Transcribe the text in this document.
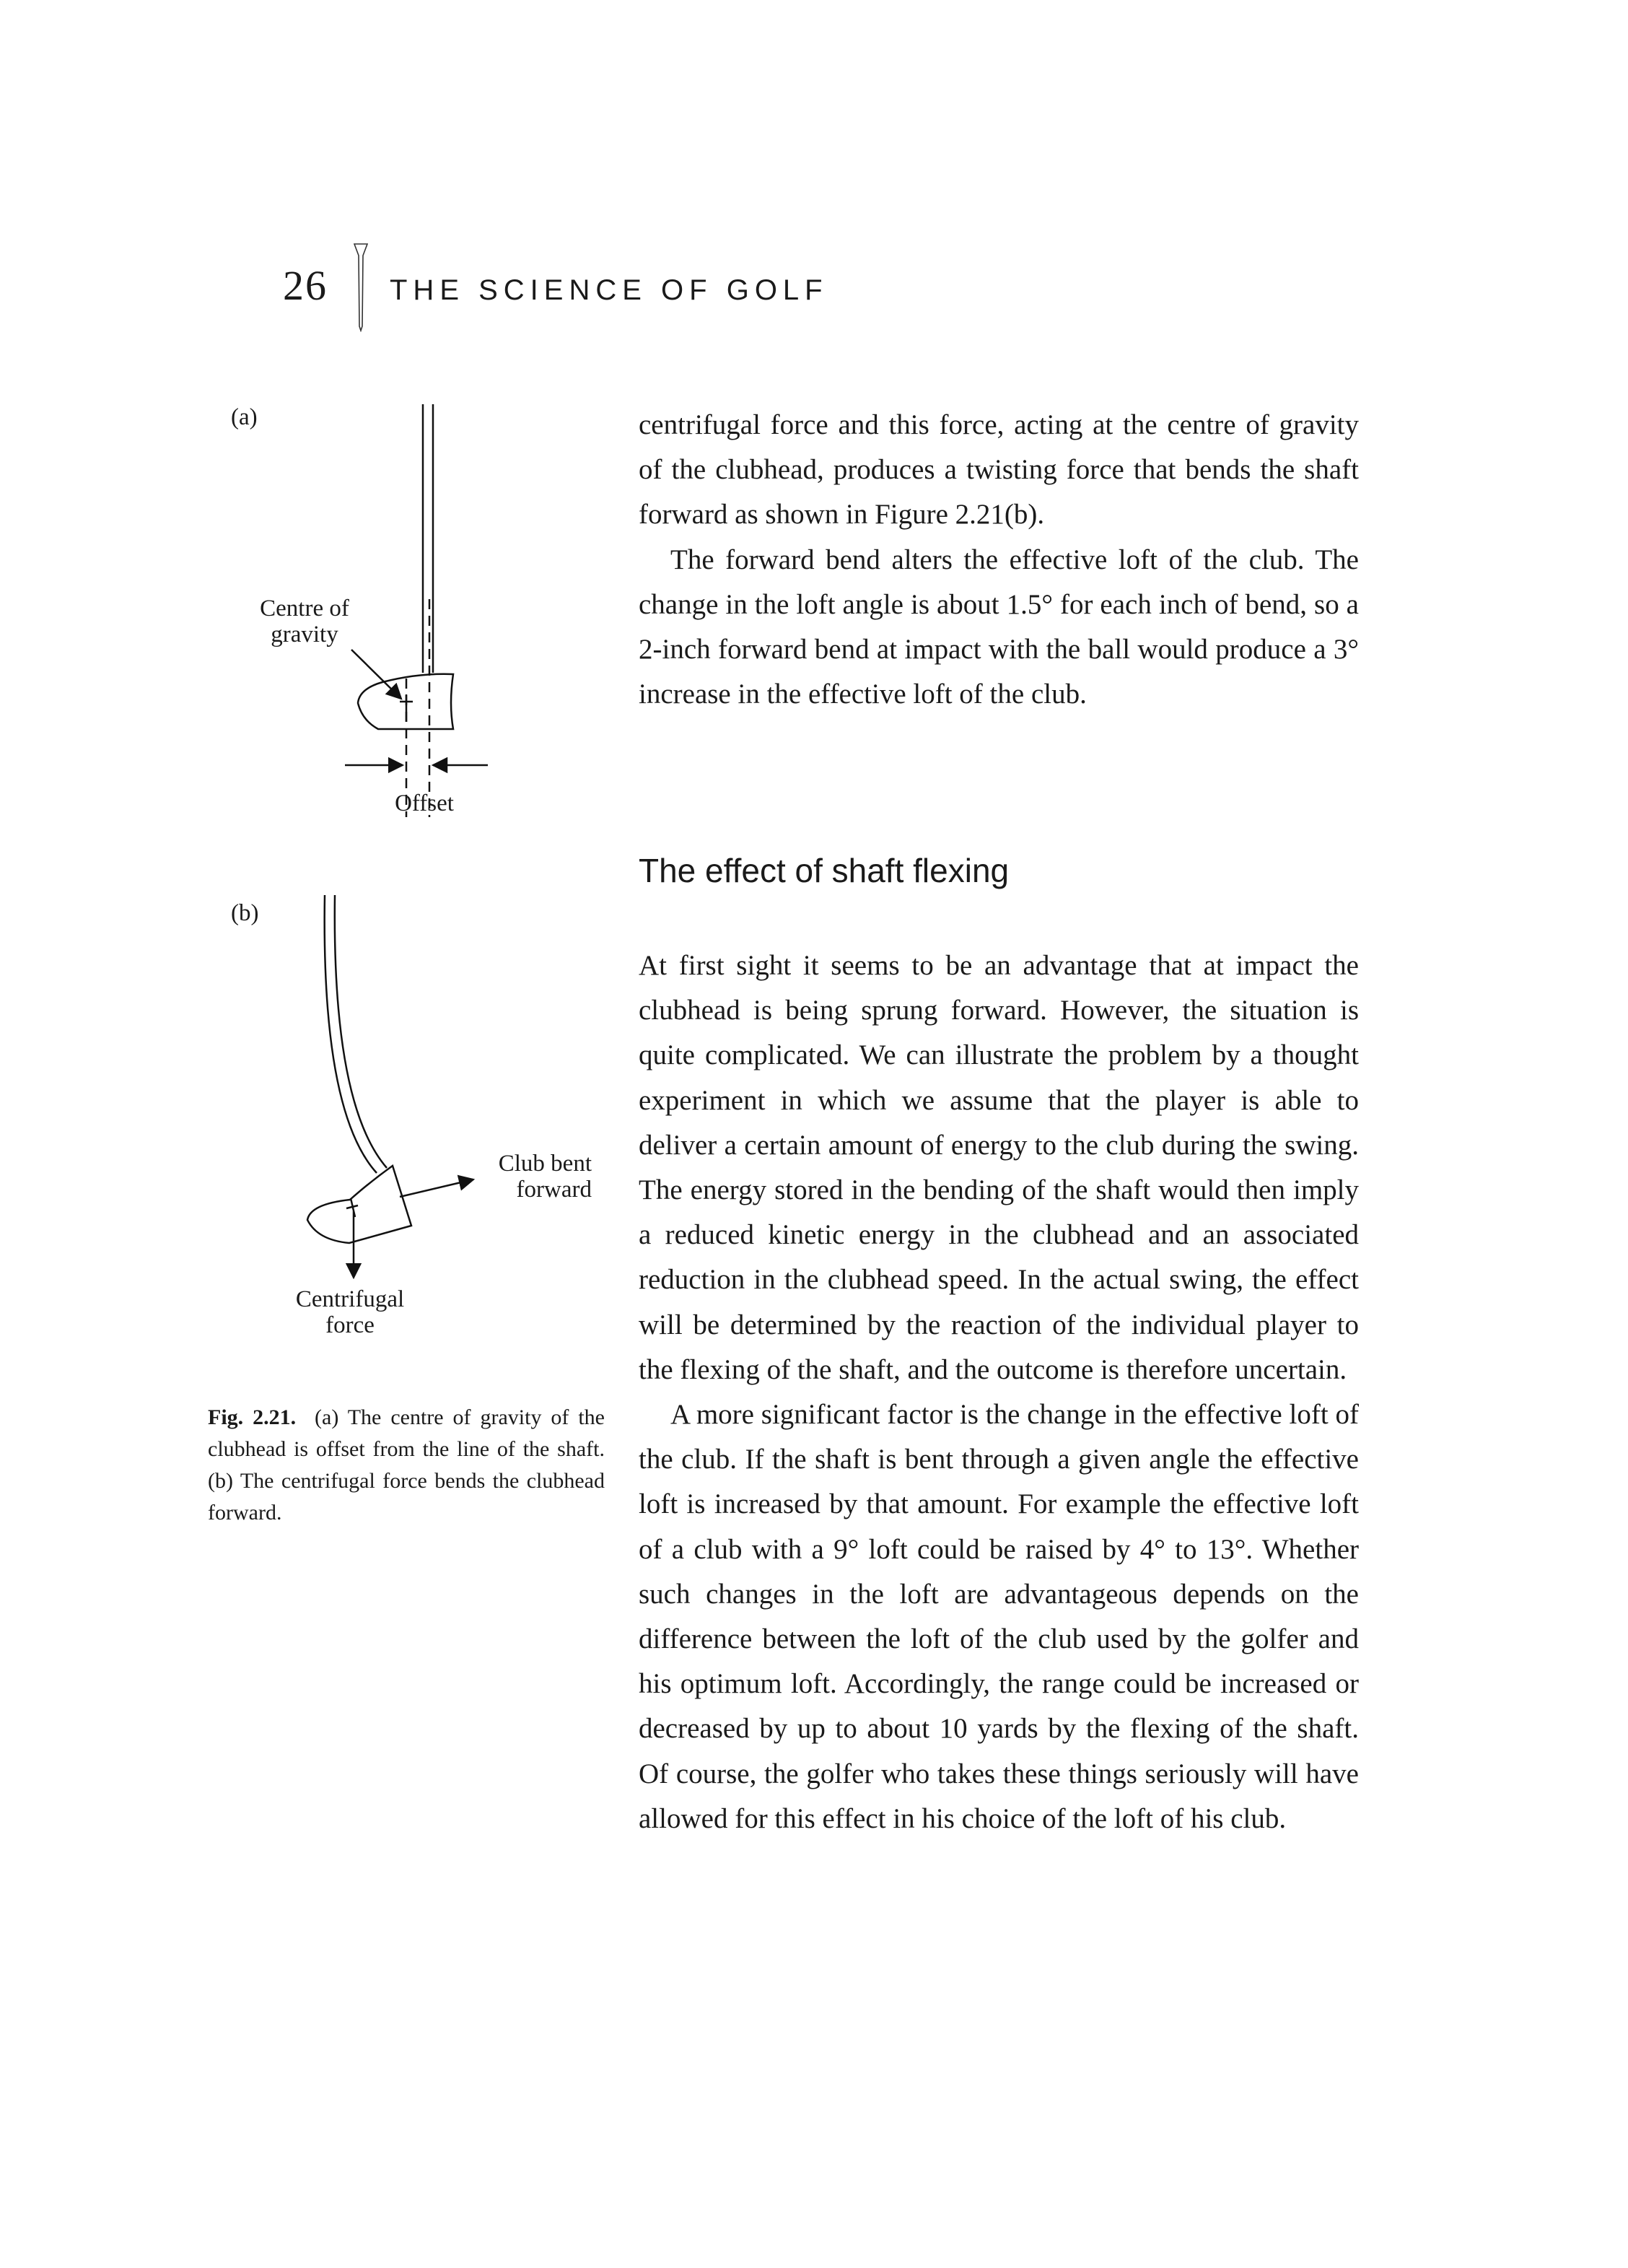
26 THE SCIENCE OF GOLF
(a)
Centre of
gravity
Offset
(b)
Club bent
forward
Centrifugal
force
Fig. 2.21. (a) The centre of gravity of the clubhead is offset from the line of the shaft. (b) The centrifugal force bends the clubhead forward.

centrifugal force and this force, acting at the centre of gravity of the clubhead, produces a twisting force that bends the shaft forward as shown in Figure 2.21(b).

The forward bend alters the effective loft of the club. The change in the loft angle is about 1.5° for each inch of bend, so a 2-inch forward bend at impact with the ball would produce a 3° increase in the effective loft of the club.

The effect of shaft flexing

At first sight it seems to be an advantage that at impact the clubhead is being sprung forward. However, the situation is quite complicated. We can illustrate the problem by a thought experiment in which we assume that the player is able to deliver a certain amount of energy to the club during the swing. The energy stored in the bending of the shaft would then imply a reduced kinetic energy in the clubhead and an associated reduction in the clubhead speed. In the actual swing, the effect will be determined by the reaction of the individual player to the flexing of the shaft, and the outcome is therefore uncertain.

A more significant factor is the change in the effective loft of the club. If the shaft is bent through a given angle the effective loft is increased by that amount. For example the effective loft of a club with a 9° loft could be raised by 4° to 13°. Whether such changes in the loft are advantageous depends on the difference between the loft of the club used by the golfer and his optimum loft. Accordingly, the range could be increased or decreased by up to about 10 yards by the flexing of the shaft. Of course, the golfer who takes these things seriously will have allowed for this effect in his choice of the loft of his club.
